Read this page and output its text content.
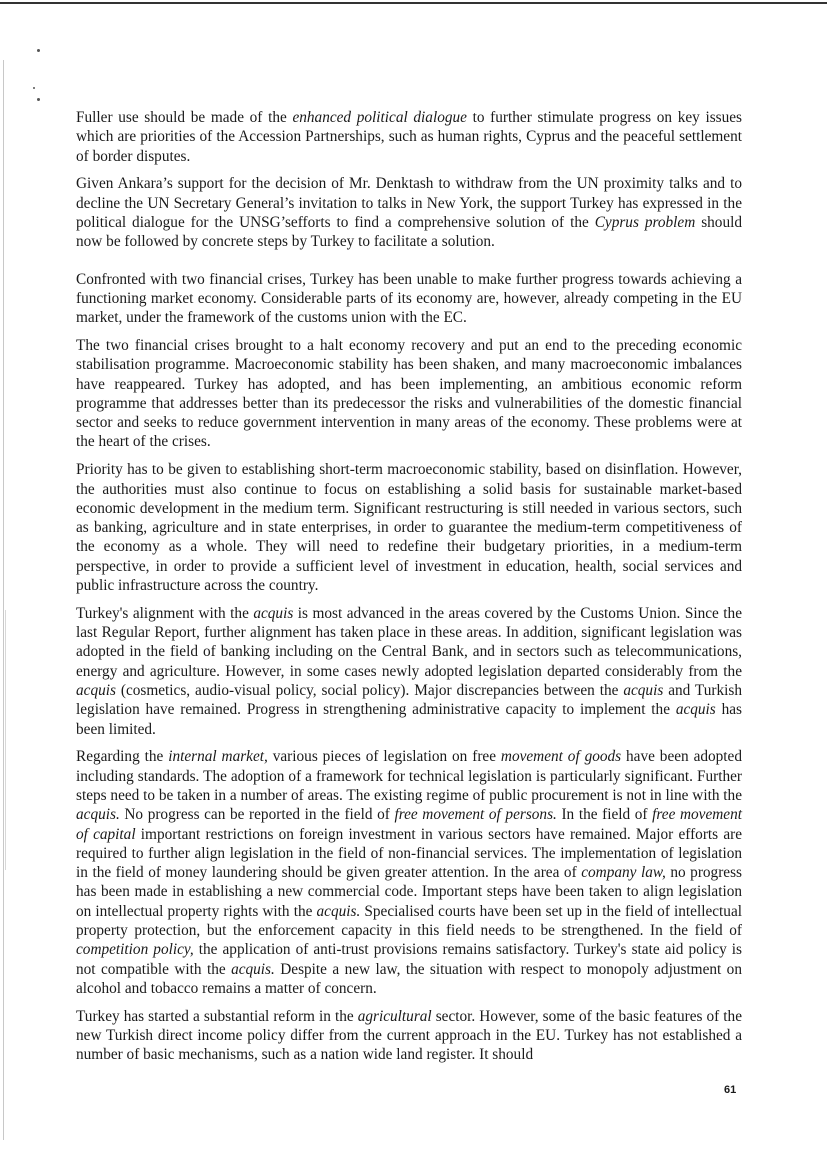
Fuller use should be made of the enhanced political dialogue to further stimulate progress on key issues which are priorities of the Accession Partnerships, such as human rights, Cyprus and the peaceful settlement of border disputes.

Given Ankara’s support for the decision of Mr. Denktash to withdraw from the UN proximity talks and to decline the UN Secretary General’s invitation to talks in New York, the support Turkey has expressed in the political dialogue for the UNSG’sefforts to find a comprehensive solution of the Cyprus problem should now be followed by concrete steps by Turkey to facilitate a solution.

Confronted with two financial crises, Turkey has been unable to make further progress towards achieving a functioning market economy. Considerable parts of its economy are, however, already competing in the EU market, under the framework of the customs union with the EC.

The two financial crises brought to a halt economy recovery and put an end to the preceding economic stabilisation programme. Macroeconomic stability has been shaken, and many macroeconomic imbalances have reappeared. Turkey has adopted, and has been implementing, an ambitious economic reform programme that addresses better than its predecessor the risks and vulnerabilities of the domestic financial sector and seeks to reduce government intervention in many areas of the economy. These problems were at the heart of the crises.

Priority has to be given to establishing short-term macroeconomic stability, based on disinflation. However, the authorities must also continue to focus on establishing a solid basis for sustainable market-based economic development in the medium term. Significant restructuring is still needed in various sectors, such as banking, agriculture and in state enterprises, in order to guarantee the medium-term competitiveness of the economy as a whole. They will need to redefine their budgetary priorities, in a medium-term perspective, in order to provide a sufficient level of investment in education, health, social services and public infrastructure across the country.

Turkey's alignment with the acquis is most advanced in the areas covered by the Customs Union. Since the last Regular Report, further alignment has taken place in these areas. In addition, significant legislation was adopted in the field of banking including on the Central Bank, and in sectors such as telecommunications, energy and agriculture. However, in some cases newly adopted legislation departed considerably from the acquis (cosmetics, audio-visual policy, social policy). Major discrepancies between the acquis and Turkish legislation have remained. Progress in strengthening administrative capacity to implement the acquis has been limited.

Regarding the internal market, various pieces of legislation on free movement of goods have been adopted including standards. The adoption of a framework for technical legislation is particularly significant. Further steps need to be taken in a number of areas. The existing regime of public procurement is not in line with the acquis. No progress can be reported in the field of free movement of persons. In the field of free movement of capital important restrictions on foreign investment in various sectors have remained. Major efforts are required to further align legislation in the field of non-financial services. The implementation of legislation in the field of money laundering should be given greater attention. In the area of company law, no progress has been made in establishing a new commercial code. Important steps have been taken to align legislation on intellectual property rights with the acquis. Specialised courts have been set up in the field of intellectual property protection, but the enforcement capacity in this field needs to be strengthened. In the field of competition policy, the application of anti-trust provisions remains satisfactory. Turkey's state aid policy is not compatible with the acquis. Despite a new law, the situation with respect to monopoly adjustment on alcohol and tobacco remains a matter of concern.

Turkey has started a substantial reform in the agricultural sector. However, some of the basic features of the new Turkish direct income policy differ from the current approach in the EU. Turkey has not established a number of basic mechanisms, such as a nation wide land register. It should

61
